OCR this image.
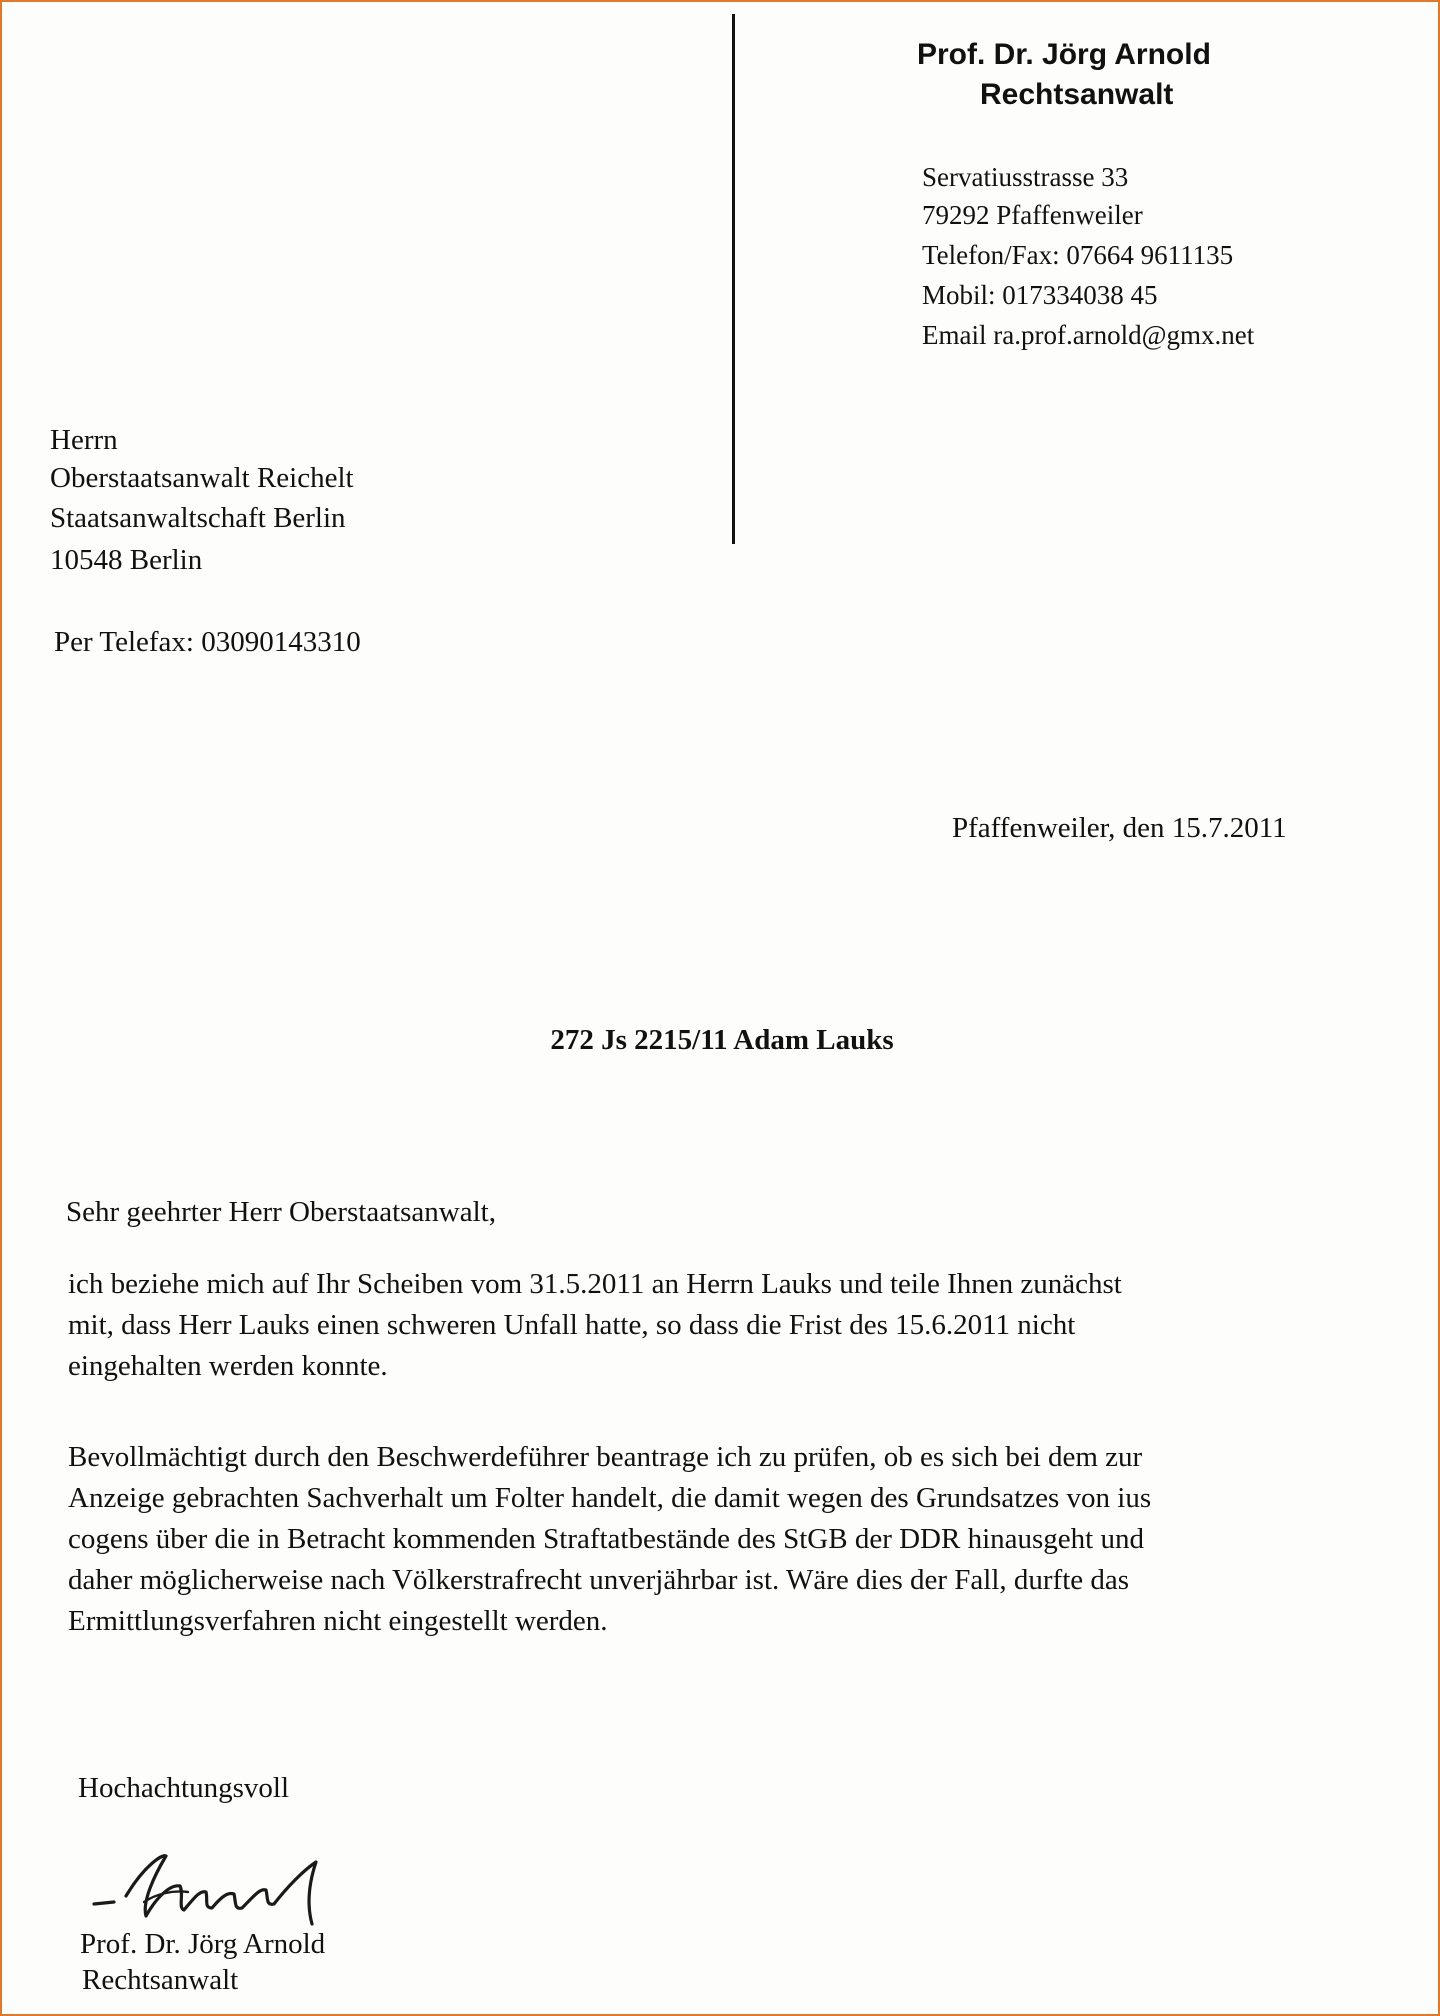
Prof. Dr. Jörg Arnold
Rechtsanwalt
Servatiusstrasse 33
79292 Pfaffenweiler
Telefon/Fax: 07664 9611135
Mobil: 017334038 45
Email ra.prof.arnold@gmx.net
Herrn
Oberstaatsanwalt Reichelt
Staatsanwaltschaft Berlin
10548 Berlin
Per Telefax: 03090143310
Pfaffenweiler, den 15.7.2011
272 Js 2215/11 Adam Lauks
Sehr geehrter Herr Oberstaatsanwalt,
ich beziehe mich auf Ihr Scheiben vom 31.5.2011 an Herrn Lauks und teile Ihnen zunächst
mit, dass Herr Lauks einen schweren Unfall hatte, so dass die Frist des 15.6.2011 nicht
eingehalten werden konnte.
Bevollmächtigt durch den Beschwerdeführer beantrage ich zu prüfen, ob es sich bei dem zur
Anzeige gebrachten Sachverhalt um Folter handelt, die damit wegen des Grundsatzes von ius
cogens über die in Betracht kommenden Straftatbestände des StGB der DDR hinausgeht und
daher möglicherweise nach Völkerstrafrecht unverjährbar ist. Wäre dies der Fall, durfte das
Ermittlungsverfahren nicht eingestellt werden.
Hochachtungsvoll
Prof. Dr. Jörg Arnold
Rechtsanwalt
